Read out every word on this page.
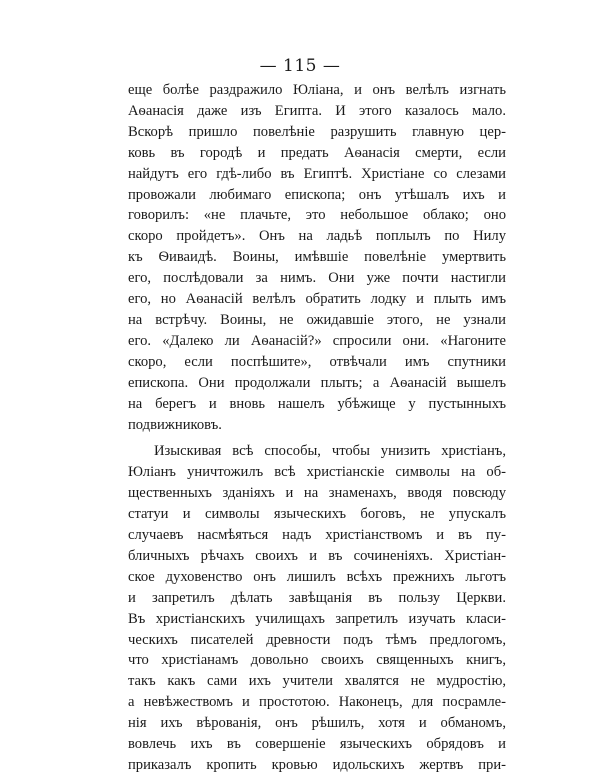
— 115 —
еще болѣе раздражило Юліана, и онъ велѣлъ изгнать
Аѳанасія даже изъ Египта. И этого казалось мало.
Вскорѣ пришло повелѣніе разрушить главную цер-
ковь въ городѣ и предать Аѳанасія смерти, если
найдутъ его гдѣ-либо въ Египтѣ. Христiане со слезами
провожали любимаго епископа; онъ утѣшалъ ихъ и
говорилъ: «не плачьте, это небольшое облако; оно
скоро пройдетъ». Онъ на ладьѣ поплылъ по Нилу
къ Ѳиваидѣ. Воины, имѣвшіе повелѣніе умертвить
его, послѣдовали за нимъ. Они уже почти настигли
его, но Аѳанасій велѣлъ обратить лодку и плыть имъ
на встрѣчу. Воины, не ожидавшіе этого, не узнали
его. «Далеко ли Аѳанасій?» спросили они. «Нагоните
скоро, если поспѣшите», отвѣчали имъ спутники
епископа. Они продолжали плыть; а Аѳанасій вышелъ
на берегъ и вновь нашелъ убѣжище у пустынныхъ
подвижниковъ.
Изыскивая всѣ способы, чтобы унизить христіанъ,
Юліанъ уничтожилъ всѣ христіанскіе символы на об-
щественныхъ зданіяхъ и на знаменахъ, вводя повсюду
статуи и символы языческихъ боговъ, не упускалъ
случаевъ насмѣяться надъ христіанствомъ и въ пу-
бличныхъ рѣчахъ своихъ и въ сочиненіяхъ. Христіан-
ское духовенство онъ лишилъ всѣхъ прежнихъ льготъ
и запретилъ дѣлать завѣщанія въ пользу Церкви.
Въ христіанскихъ училищахъ запретилъ изучать класи-
ческихъ писателей древности подъ тѣмъ предлогомъ,
что христіанамъ довольно своихъ священныхъ книгъ,
такъ какъ сами ихъ учители хвалятся не мудростію,
а невѣжествомъ и простотою. Наконецъ, для посрамле-
нія ихъ вѣрованія, онъ рѣшилъ, хотя и обманомъ,
вовлечь ихъ въ совершеніе языческихъ обрядовъ и
приказалъ кропить кровью идольскихъ жертвъ при-
